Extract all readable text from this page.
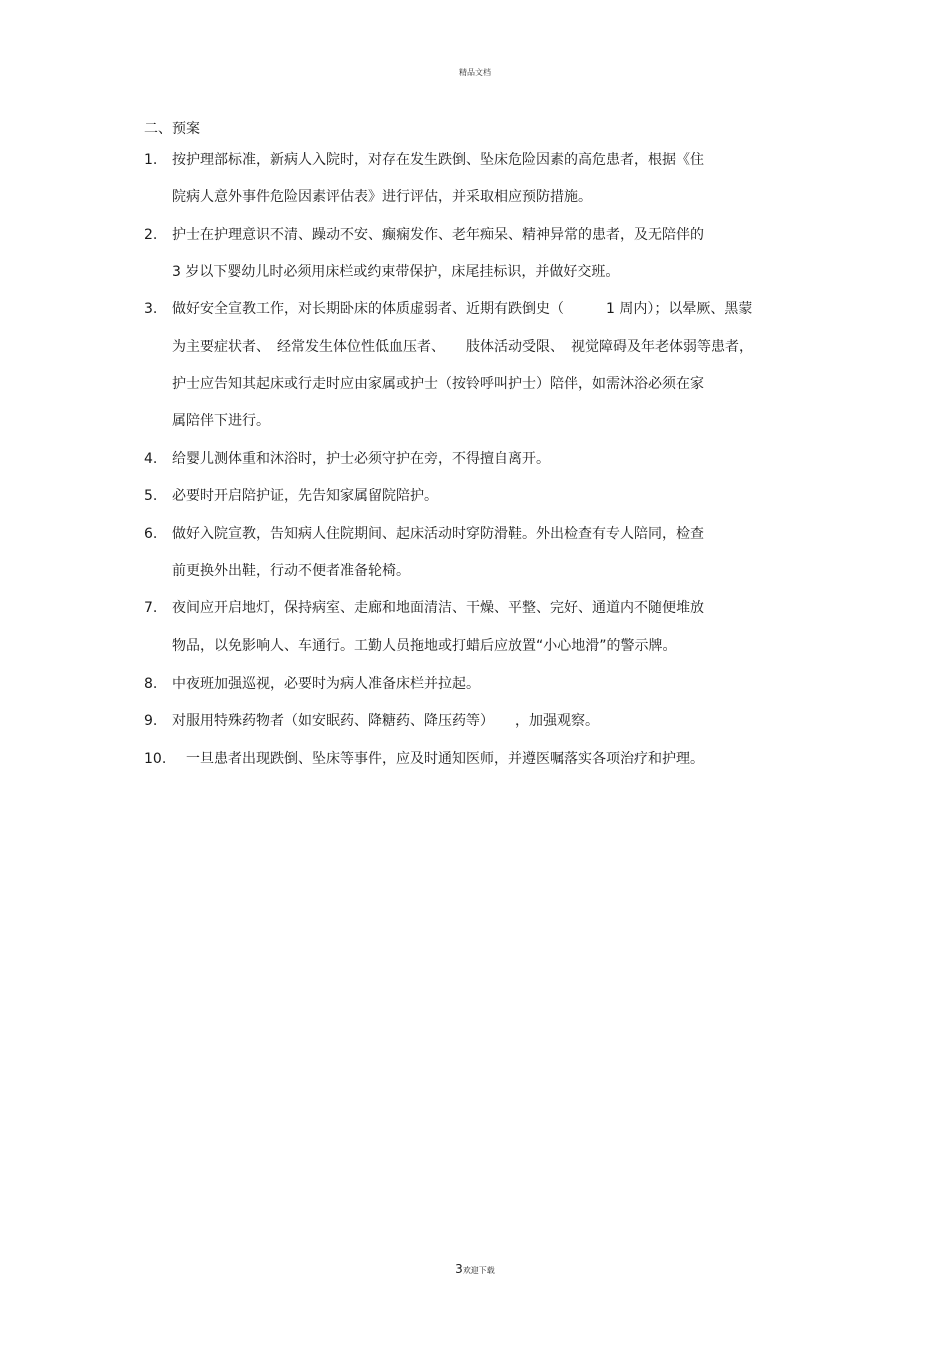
精品文档
二、预案
1. 按护理部标准，新病人入院时，对存在发生跌倒、坠床危险因素的高危患者，根据《住
院病人意外事件危险因素评估表》进行评估，并采取相应预防措施。
2. 护士在护理意识不清、躁动不安、癫痫发作、老年痴呆、精神异常的患者，及无陪伴的
3 岁以下婴幼儿时必须用床栏或约束带保护，床尾挂标识，并做好交班。
3. 做好安全宣教工作，对长期卧床的体质虚弱者、近期有跌倒史（　　　1 周内）；以晕厥、黑蒙
为主要症状者、　经常发生体位性低血压者、　　肢体活动受限、　视觉障碍及年老体弱等患者，
护士应告知其起床或行走时应由家属或护士（按铃呼叫护士）陪伴，如需沐浴必须在家
属陪伴下进行。
4. 给婴儿测体重和沐浴时，护士必须守护在旁，不得擅自离开。
5. 必要时开启陪护证，先告知家属留院陪护。
6. 做好入院宣教，告知病人住院期间、起床活动时穿防滑鞋。外出检查有专人陪同，检查
前更换外出鞋，行动不便者准备轮椅。
7. 夜间应开启地灯，保持病室、走廊和地面清洁、干燥、平整、完好、通道内不随便堆放
物品，以免影响人、车通行。工勤人员拖地或打蜡后应放置“小心地滑”的警示牌。
8. 中夜班加强巡视，必要时为病人准备床栏并拉起。
9. 对服用特殊药物者（如安眠药、降糖药、降压药等）　　，加强观察。
10. 一旦患者出现跌倒、坠床等事件，应及时通知医师，并遵医嘱落实各项治疗和护理。
3欢迎下载
